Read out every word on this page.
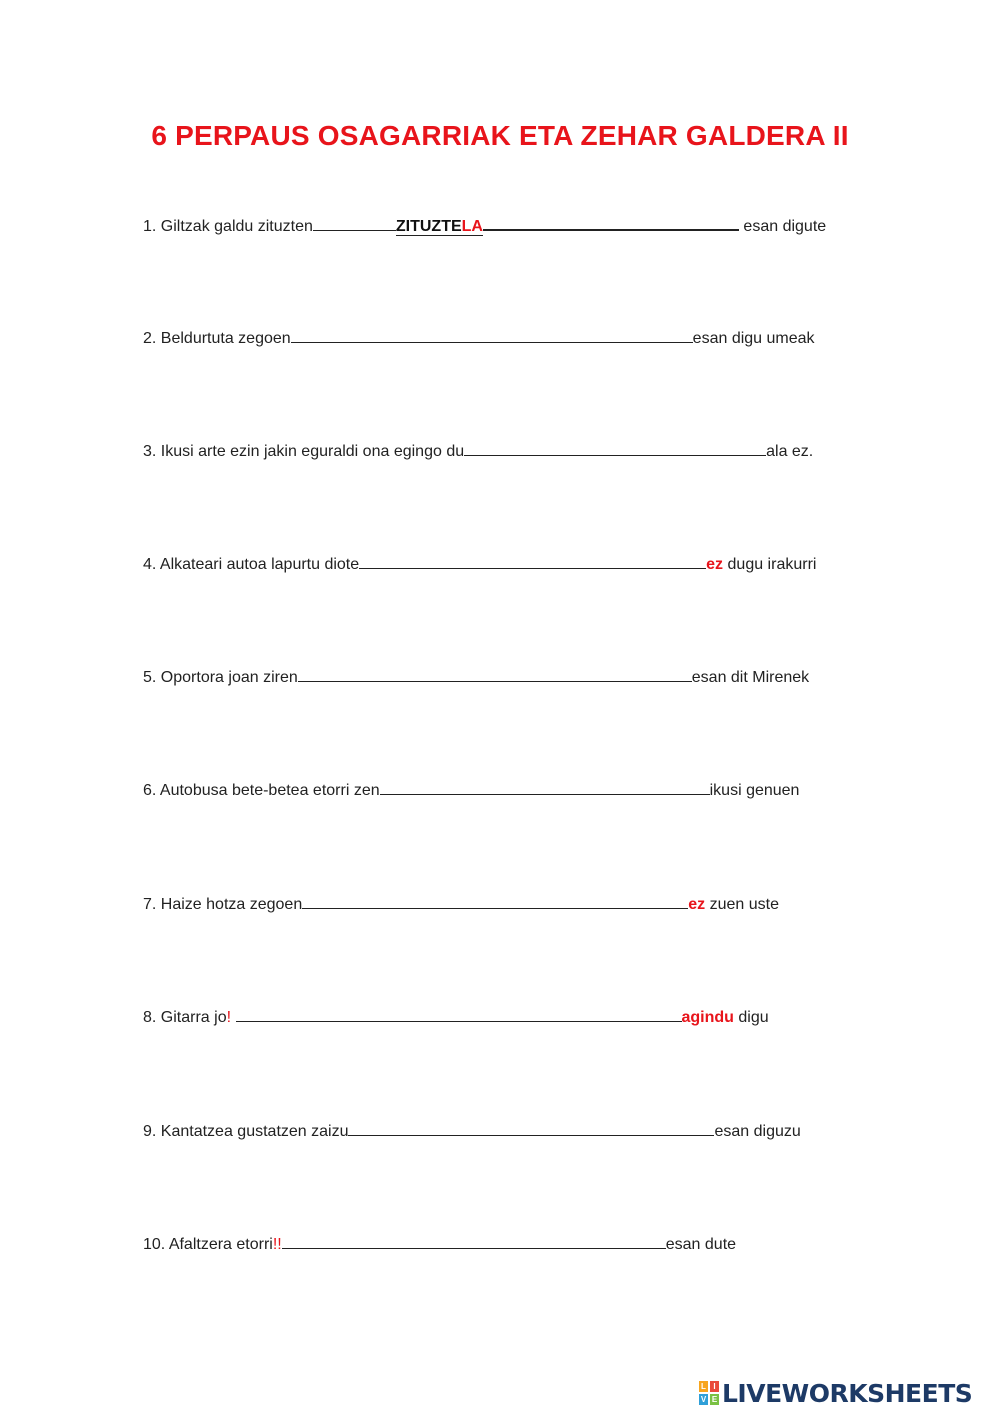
6 PERPAUS OSAGARRIAK ETA ZEHAR GALDERA II
1. Giltzak galdu zituzten	ZITUZTELA	esan digute
2. Beldurtuta zegoen	esan digu umeak
3. Ikusi arte ezin jakin eguraldi ona egingo du	ala ez.
4. Alkateari autoa lapurtu diote	ez dugu irakurri
5. Oportora joan ziren	esan dit Mirenek
6. Autobusa bete-betea etorri zen	ikusi genuen
7. Haize hotza zegoen	ez zuen uste
8. Gitarra jo!	agindu digu
9. Kantatzea gustatzen zaizu	esan diguzu
10. Afaltzera etorri!!	esan dute
L I
V E LIVEWORKSHEETS
